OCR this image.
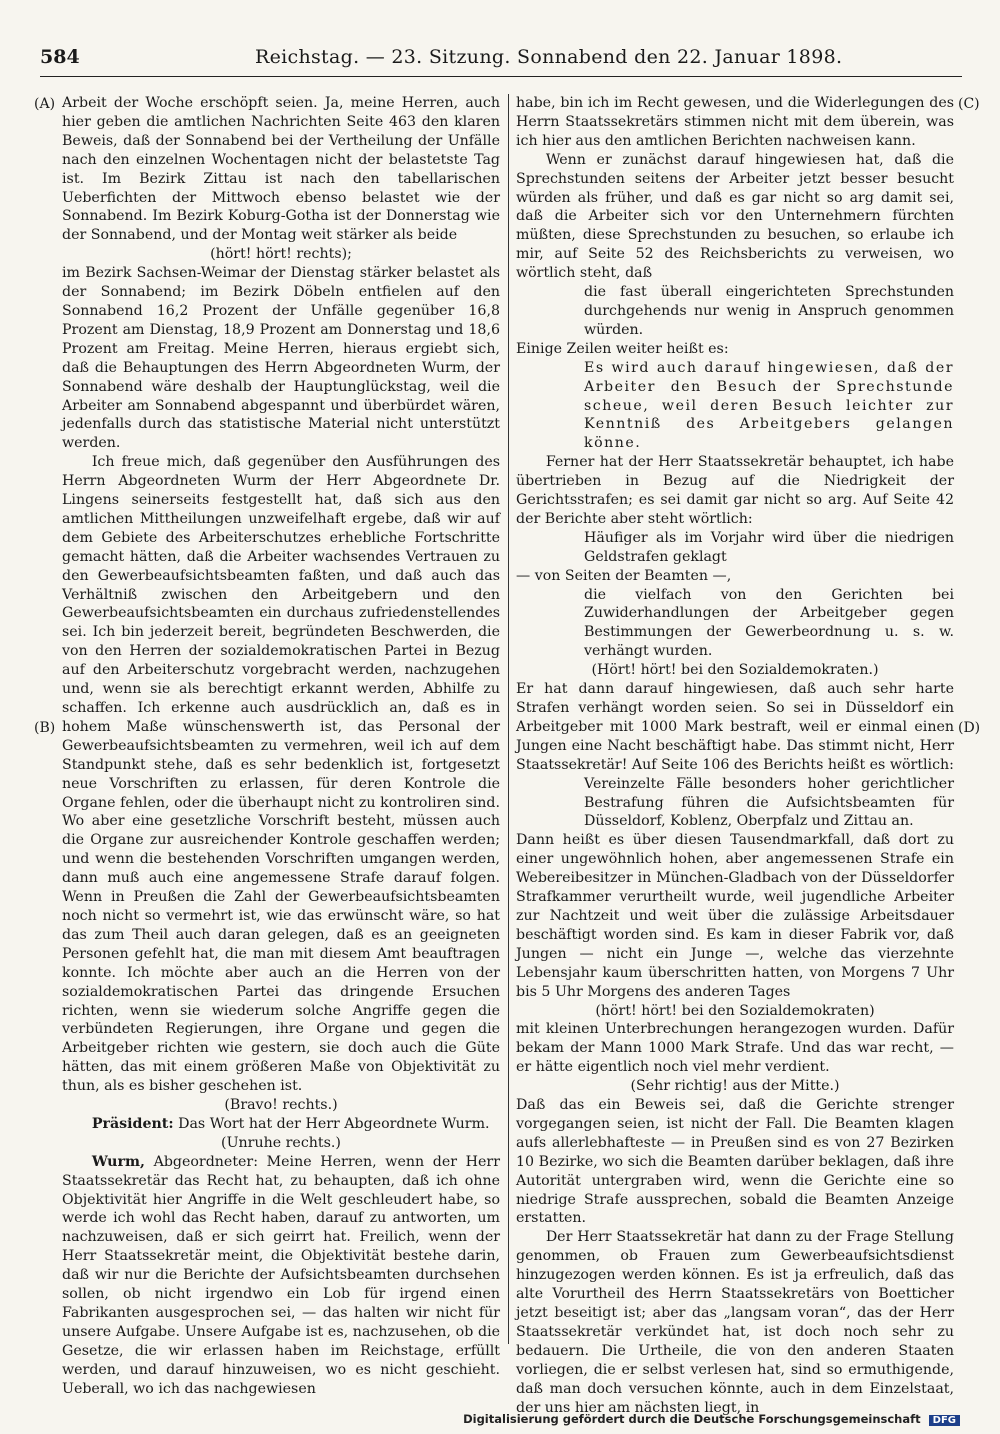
584	Reichstag. — 23. Sitzung. Sonnabend den 22. Januar 1898.
(A)
(B)
(C)
(D)

Arbeit der Woche erschöpft seien. Ja, meine Herren, auch hier geben die amtlichen Nachrichten Seite 463 den klaren Beweis, daß der Sonnabend bei der Vertheilung der Unfälle nach den einzelnen Wochentagen nicht der belastetste Tag ist. Im Bezirk Zittau ist nach den tabellarischen Ueberfichten der Mittwoch ebenso belastet wie der Sonnabend. Im Bezirk Koburg-Gotha ist der Donnerstag wie der Sonnabend, und der Montag weit stärker als beide

(hört! hört! rechts);

im Bezirk Sachsen-Weimar der Dienstag stärker belastet als der Sonnabend; im Bezirk Döbeln entfielen auf den Sonnabend 16,2 Prozent der Unfälle gegenüber 16,8 Prozent am Dienstag, 18,9 Prozent am Donnerstag und 18,6 Prozent am Freitag. Meine Herren, hieraus ergiebt sich, daß die Behauptungen des Herrn Abgeordneten Wurm, der Sonnabend wäre deshalb der Hauptunglückstag, weil die Arbeiter am Sonnabend abgespannt und überbürdet wären, jedenfalls durch das statistische Material nicht unterstützt werden.

Ich freue mich, daß gegenüber den Ausführungen des Herrn Abgeordneten Wurm der Herr Abgeordnete Dr. Lingens seinerseits festgestellt hat, daß sich aus den amtlichen Mittheilungen unzweifelhaft ergebe, daß wir auf dem Gebiete des Arbeiterschutzes erhebliche Fortschritte gemacht hätten, daß die Arbeiter wachsendes Vertrauen zu den Gewerbeaufsichtsbeamten faßten, und daß auch das Verhältniß zwischen den Arbeitgebern und den Gewerbeaufsichtsbeamten ein durchaus zufriedenstellendes sei. Ich bin jederzeit bereit, begründeten Beschwerden, die von den Herren der sozialdemokratischen Partei in Bezug auf den Arbeiterschutz vorgebracht werden, nachzugehen und, wenn sie als berechtigt erkannt werden, Abhilfe zu schaffen. Ich erkenne auch ausdrücklich an, daß es in hohem Maße wünschenswerth ist, das Personal der Gewerbeaufsichtsbeamten zu vermehren, weil ich auf dem Standpunkt stehe, daß es sehr bedenklich ist, fortgesetzt neue Vorschriften zu erlassen, für deren Kontrole die Organe fehlen, oder die überhaupt nicht zu kontroliren sind. Wo aber eine gesetzliche Vorschrift besteht, müssen auch die Organe zur ausreichender Kontrole geschaffen werden; und wenn die bestehenden Vorschriften umgangen werden, dann muß auch eine angemessene Strafe darauf folgen. Wenn in Preußen die Zahl der Gewerbeaufsichtsbeamten noch nicht so vermehrt ist, wie das erwünscht wäre, so hat das zum Theil auch daran gelegen, daß es an geeigneten Personen gefehlt hat, die man mit diesem Amt beauftragen konnte. Ich möchte aber auch an die Herren von der sozialdemokratischen Partei das dringende Ersuchen richten, wenn sie wiederum solche Angriffe gegen die verbündeten Regierungen, ihre Organe und gegen die Arbeitgeber richten wie gestern, sie doch auch die Güte hätten, das mit einem größeren Maße von Objektivität zu thun, als es bisher geschehen ist.

(Bravo! rechts.)

Präsident: Das Wort hat der Herr Abgeordnete Wurm.

(Unruhe rechts.)

Wurm, Abgeordneter: Meine Herren, wenn der Herr Staatssekretär das Recht hat, zu behaupten, daß ich ohne Objektivität hier Angriffe in die Welt geschleudert habe, so werde ich wohl das Recht haben, darauf zu antworten, um nachzuweisen, daß er sich geirrt hat. Freilich, wenn der Herr Staatssekretär meint, die Objektivität bestehe darin, daß wir nur die Berichte der Aufsichtsbeamten durchsehen sollen, ob nicht irgendwo ein Lob für irgend einen Fabrikanten ausgesprochen sei, — das halten wir nicht für unsere Aufgabe. Unsere Aufgabe ist es, nachzusehen, ob die Gesetze, die wir erlassen haben im Reichstage, erfüllt werden, und darauf hinzuweisen, wo es nicht geschieht. Ueberall, wo ich das nachgewiesen

habe, bin ich im Recht gewesen, und die Widerlegungen des Herrn Staatssekretärs stimmen nicht mit dem überein, was ich hier aus den amtlichen Berichten nachweisen kann.

Wenn er zunächst darauf hingewiesen hat, daß die Sprechstunden seitens der Arbeiter jetzt besser besucht würden als früher, und daß es gar nicht so arg damit sei, daß die Arbeiter sich vor den Unternehmern fürchten müßten, diese Sprechstunden zu besuchen, so erlaube ich mir, auf Seite 52 des Reichsberichts zu verweisen, wo wörtlich steht, daß

die fast überall eingerichteten Sprechstunden durchgehends nur wenig in Anspruch genommen würden.

Einige Zeilen weiter heißt es:

Es wird auch darauf hingewiesen, daß der Arbeiter den Besuch der Sprechstunde scheue, weil deren Besuch leichter zur Kenntniß des Arbeitgebers gelangen könne.

Ferner hat der Herr Staatssekretär behauptet, ich habe übertrieben in Bezug auf die Niedrigkeit der Gerichtsstrafen; es sei damit gar nicht so arg. Auf Seite 42 der Berichte aber steht wörtlich:

Häufiger als im Vorjahr wird über die niedrigen Geldstrafen geklagt

— von Seiten der Beamten —,

die vielfach von den Gerichten bei Zuwiderhandlungen der Arbeitgeber gegen Bestimmungen der Gewerbeordnung u. s. w. verhängt wurden.

(Hört! hört! bei den Sozialdemokraten.)

Er hat dann darauf hingewiesen, daß auch sehr harte Strafen verhängt worden seien. So sei in Düsseldorf ein Arbeitgeber mit 1000 Mark bestraft, weil er einmal einen Jungen eine Nacht beschäftigt habe. Das stimmt nicht, Herr Staatssekretär! Auf Seite 106 des Berichts heißt es wörtlich:

Vereinzelte Fälle besonders hoher gerichtlicher Bestrafung führen die Aufsichtsbeamten für Düsseldorf, Koblenz, Oberpfalz und Zittau an.

Dann heißt es über diesen Tausendmarkfall, daß dort zu einer ungewöhnlich hohen, aber angemessenen Strafe ein Webereibesitzer in München-Gladbach von der Düsseldorfer Strafkammer verurtheilt wurde, weil jugendliche Arbeiter zur Nachtzeit und weit über die zulässige Arbeitsdauer beschäftigt worden sind. Es kam in dieser Fabrik vor, daß Jungen — nicht ein Junge —, welche das vierzehnte Lebensjahr kaum überschritten hatten, von Morgens 7 Uhr bis 5 Uhr Morgens des anderen Tages

(hört! hört! bei den Sozialdemokraten)

mit kleinen Unterbrechungen herangezogen wurden. Dafür bekam der Mann 1000 Mark Strafe. Und das war recht, — er hätte eigentlich noch viel mehr verdient.

(Sehr richtig! aus der Mitte.)

Daß das ein Beweis sei, daß die Gerichte strenger vorgegangen seien, ist nicht der Fall. Die Beamten klagen aufs allerlebhafteste — in Preußen sind es von 27 Bezirken 10 Bezirke, wo sich die Beamten darüber beklagen, daß ihre Autorität untergraben wird, wenn die Gerichte eine so niedrige Strafe aussprechen, sobald die Beamten Anzeige erstatten.

Der Herr Staatssekretär hat dann zu der Frage Stellung genommen, ob Frauen zum Gewerbeaufsichtsdienst hinzugezogen werden können. Es ist ja erfreulich, daß das alte Vorurtheil des Herrn Staatssekretärs von Boetticher jetzt beseitigt ist; aber das „langsam voran“, das der Herr Staatssekretär verkündet hat, ist doch noch sehr zu bedauern. Die Urtheile, die von den anderen Staaten vorliegen, die er selbst verlesen hat, sind so ermuthigende, daß man doch versuchen könnte, auch in dem Einzelstaat, der uns hier am nächsten liegt, in

Digitalisierung gefördert durch die Deutsche Forschungsgemeinschaft DFG
